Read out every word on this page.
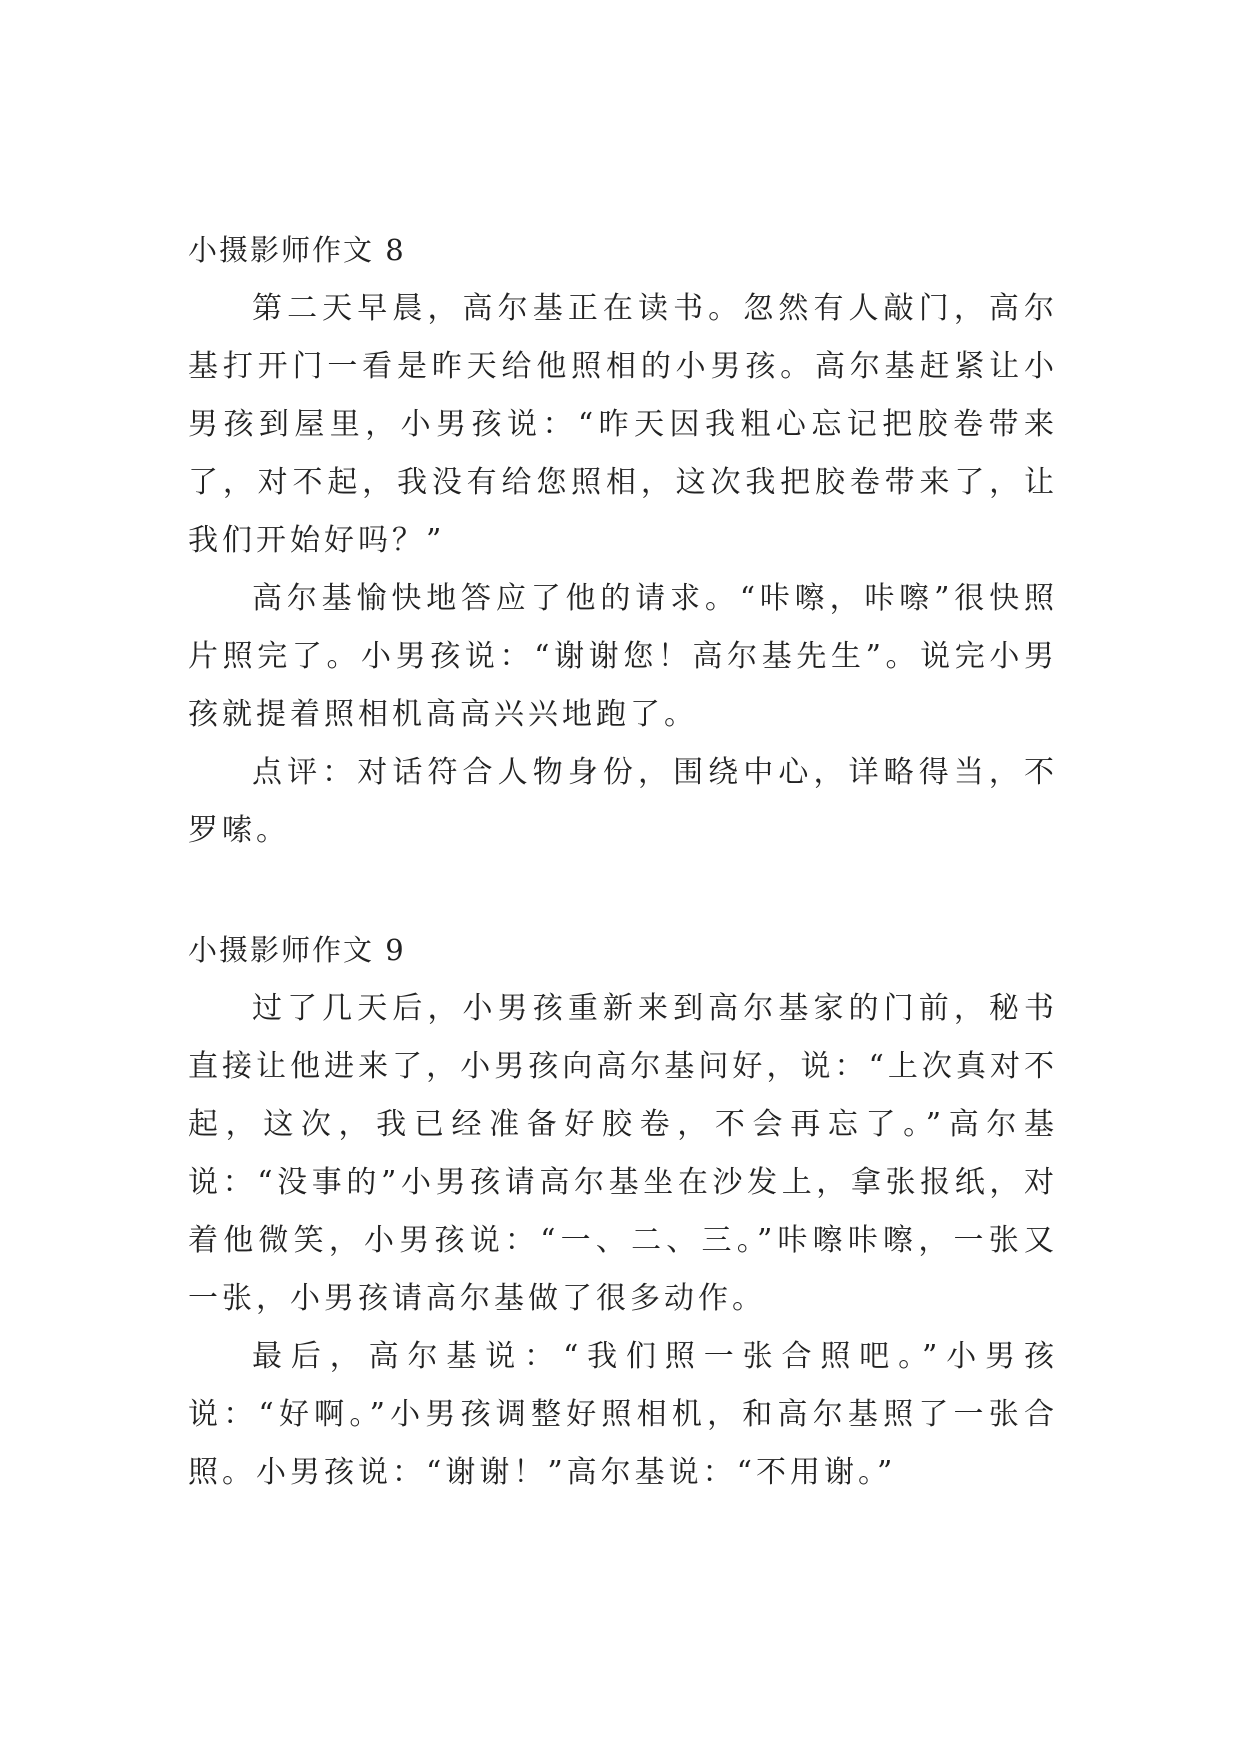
小摄影师作文 8

第二天早晨，高尔基正在读书。忽然有人敲门，高尔基打开门一看是昨天给他照相的小男孩。高尔基赶紧让小男孩到屋里，小男孩说：“昨天因我粗心忘记把胶卷带来了，对不起，我没有给您照相，这次我把胶卷带来了，让我们开始好吗？”

高尔基愉快地答应了他的请求。“咔嚓，咔嚓”很快照片照完了。小男孩说：“谢谢您！高尔基先生”。说完小男孩就提着照相机高高兴兴地跑了。

点评：对话符合人物身份，围绕中心，详略得当，不罗嗦。

小摄影师作文 9

过了几天后，小男孩重新来到高尔基家的门前，秘书直接让他进来了，小男孩向高尔基问好，说：“上次真对不起，这次，我已经准备好胶卷，不会再忘了。”高尔基说：“没事的”小男孩请高尔基坐在沙发上，拿张报纸，对着他微笑，小男孩说：“一、二、三。”咔嚓咔嚓，一张又一张，小男孩请高尔基做了很多动作。

最后，高尔基说：“我们照一张合照吧。”小男孩说：“好啊。”小男孩调整好照相机，和高尔基照了一张合照。小男孩说：“谢谢！”高尔基说：“不用谢。”
